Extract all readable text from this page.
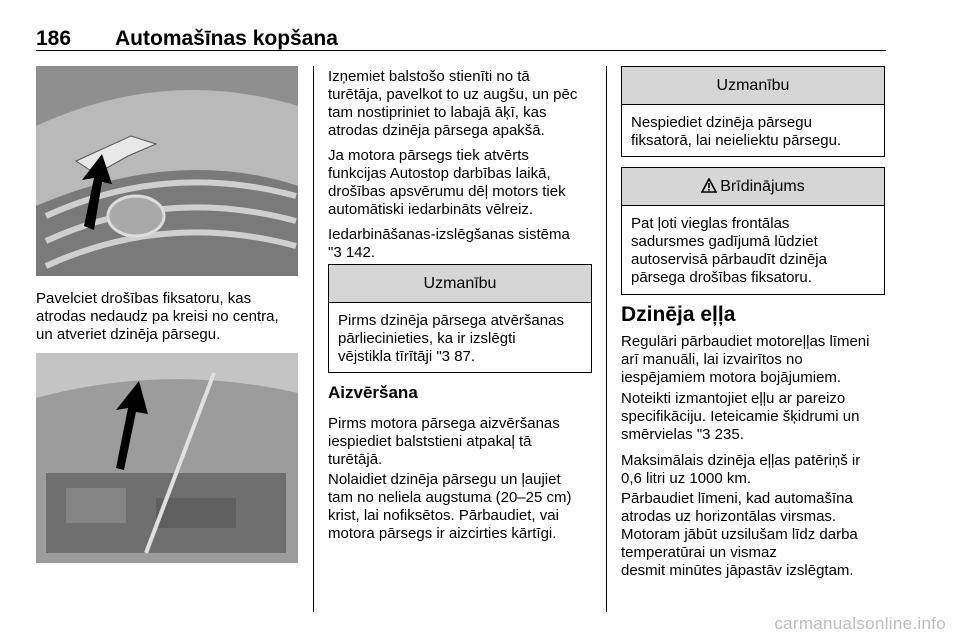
186 Automašīnas kopšana

Pavelciet drošības fiksatoru, kas
atrodas nedaudz pa kreisi no centra,
un atveriet dzinēja pārsegu.

Izņemiet balstošo stienīti no tā
turētāja, pavelkot to uz augšu, un pēc
tam nostipriniet to labajā āķī, kas
atrodas dzinēja pārsega apakšā.

Ja motora pārsegs tiek atvērts
funkcijas Autostop darbības laikā,
drošības apsvērumu dēļ motors tiek
automātiski iedarbināts vēlreiz.

Iedarbināšanas-izslēgšanas sistēma
"3 142.

Uzmanību
Pirms dzinēja pārsega atvēršanas
pārliecinieties, ka ir izslēgti
vējstikla tīrītāji "3 87.
Aizvēršana

Pirms motora pārsega aizvēršanas
iespiediet balststieni atpakaļ tā
turētājā.

Nolaidiet dzinēja pārsegu un ļaujiet
tam no neliela augstuma (20–25 cm)
krist, lai nofiksētos. Pārbaudiet, vai
motora pārsegs ir aizcirties kārtīgi.

Uzmanību
Nespiediet dzinēja pārsegu
fiksatorā, lai neieliektu pārsegu.
Brīdinājums
Pat ļoti vieglas frontālas
sadursmes gadījumā lūdziet
autoservisā pārbaudīt dzinēja
pārsega drošības fiksatoru.
Dzinēja eļļa

Regulāri pārbaudiet motoreļļas līmeni
arī manuāli, lai izvairītos no
iespējamiem motora bojājumiem.

Noteikti izmantojiet eļļu ar pareizo
specifikāciju. Ieteicamie šķidrumi un
smērvielas "3 235.

Maksimālais dzinēja eļļas patēriņš ir
0,6 litri uz 1000 km.

Pārbaudiet līmeni, kad automašīna
atrodas uz horizontālas virsmas.
Motoram jābūt uzsilušam līdz darba
temperatūrai un vismaz
desmit minūtes jāpastāv izslēgtam.

carmanualsonline.info
